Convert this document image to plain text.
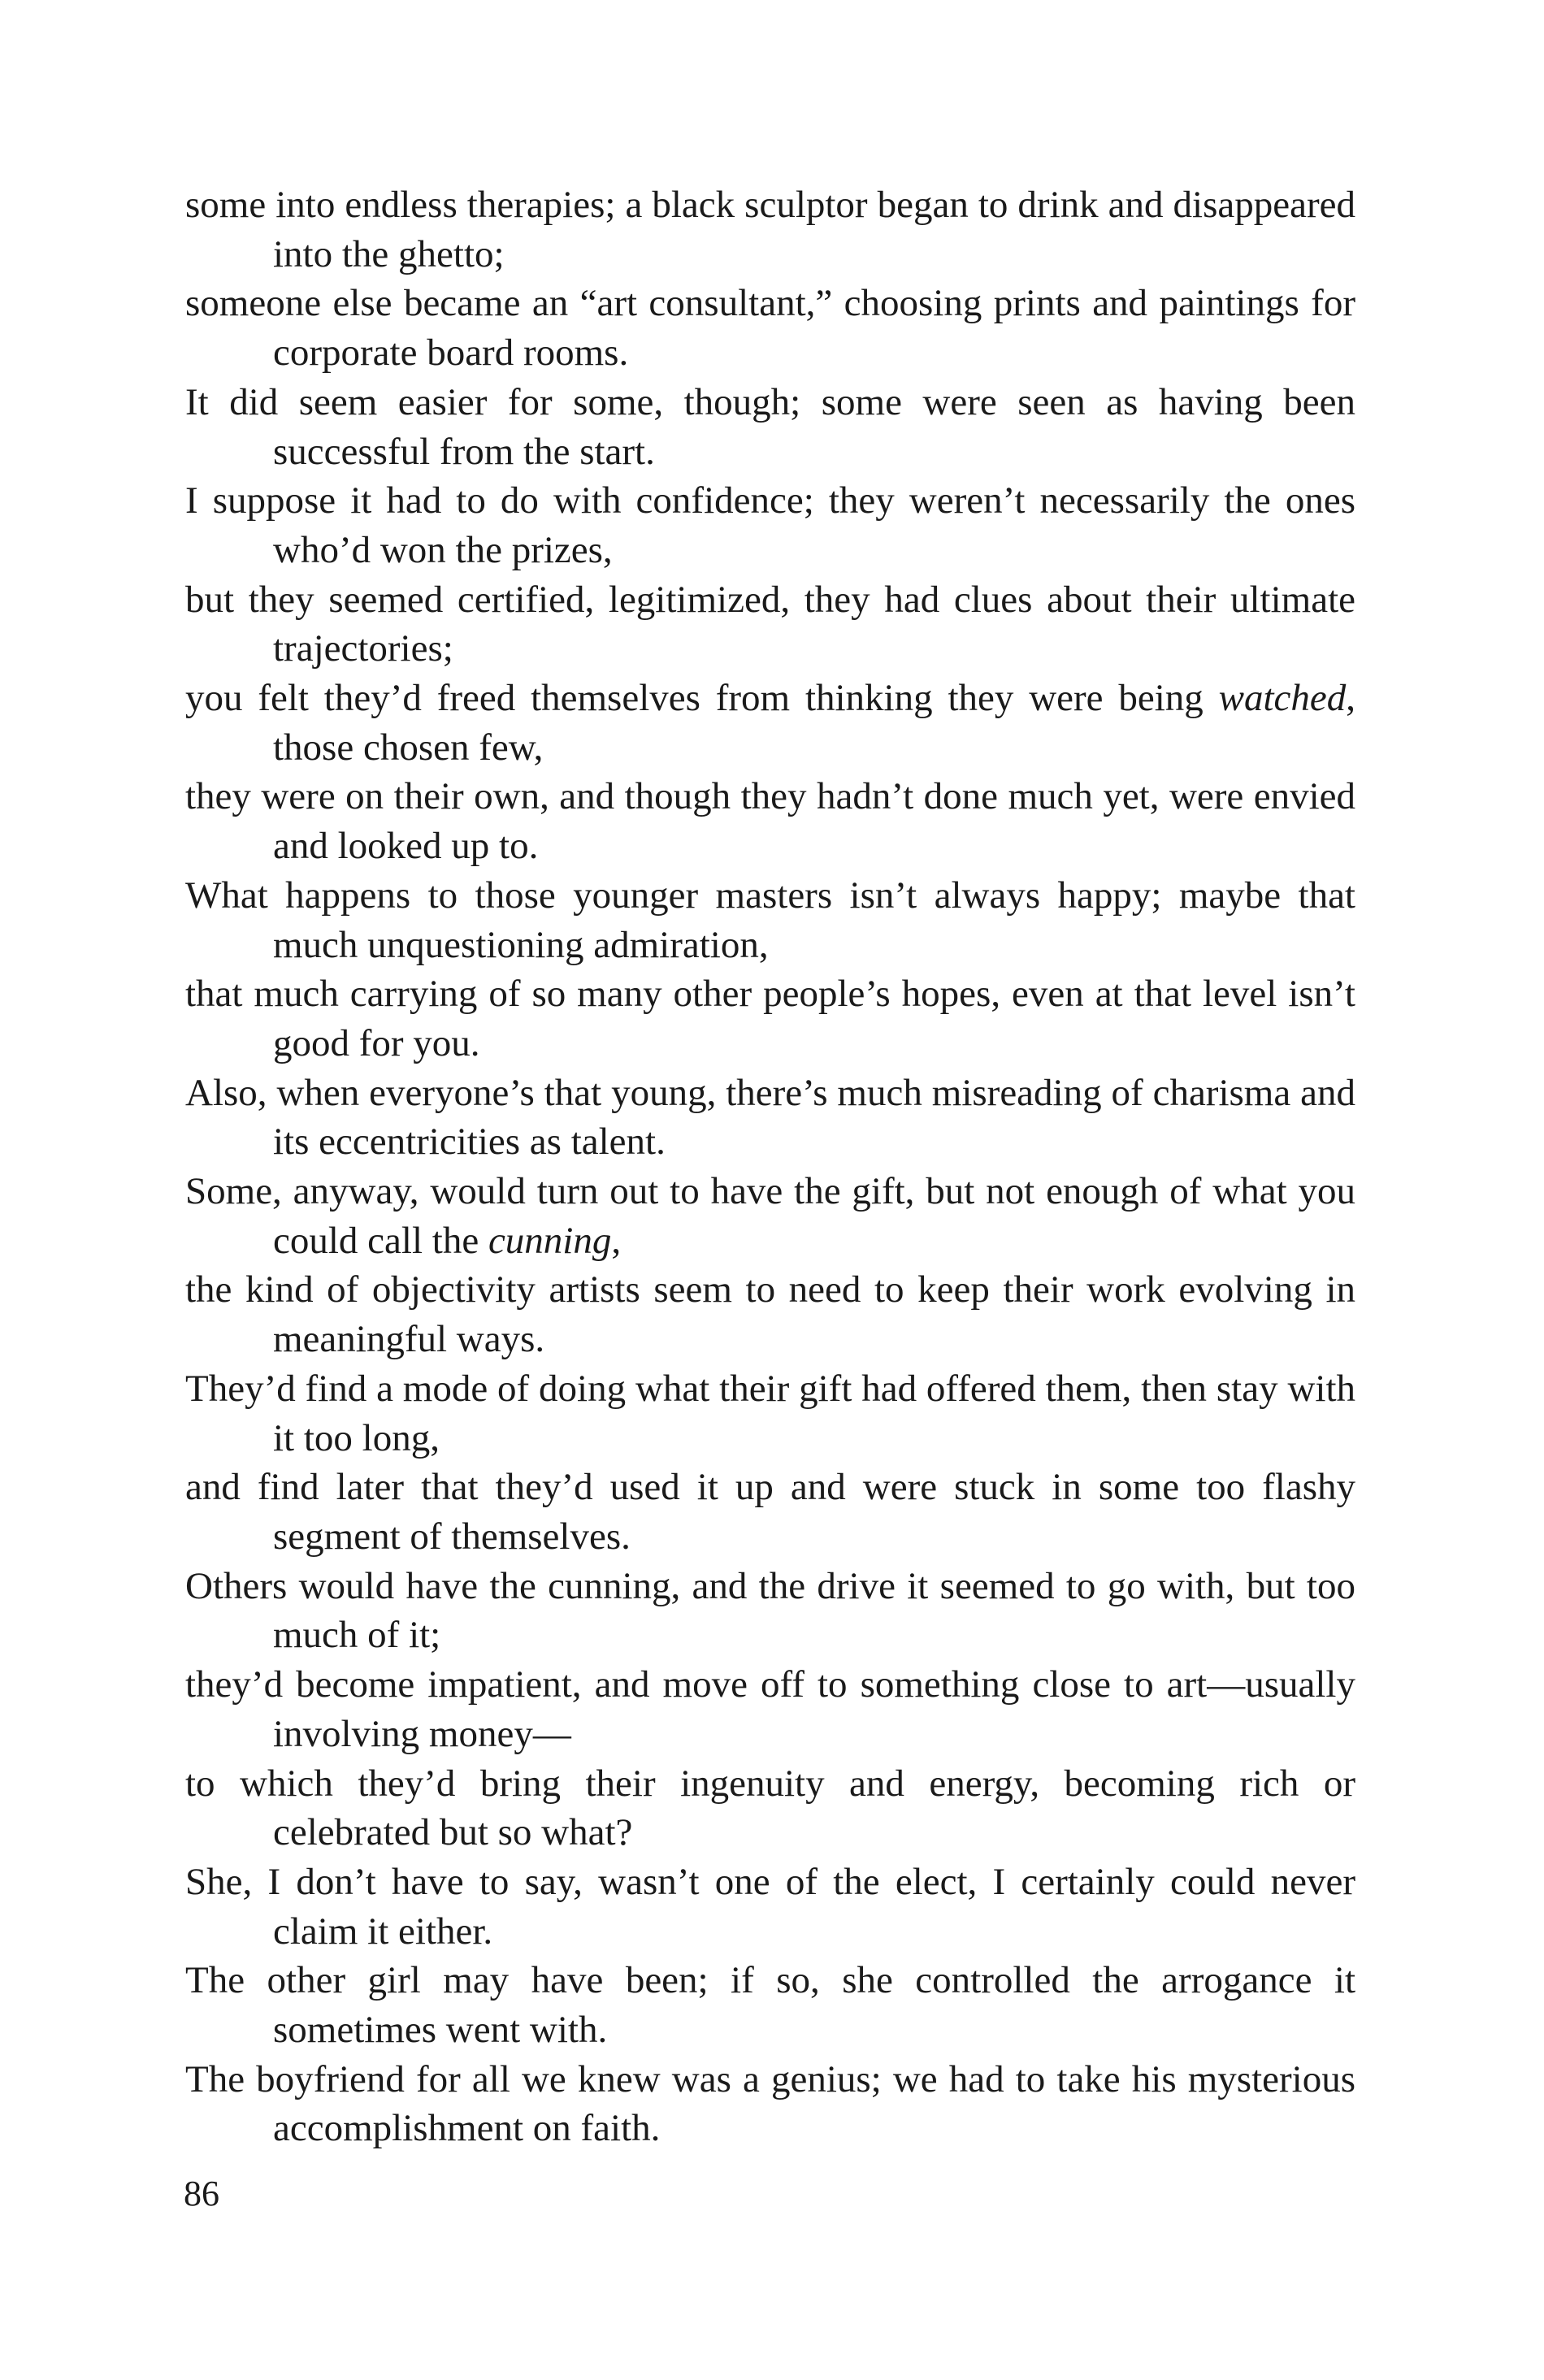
some into endless therapies; a black sculptor began to drink and disappeared into the ghetto;

someone else became an “art consultant,” choosing prints and paintings for corporate board rooms.

It did seem easier for some, though; some were seen as having been successful from the start.

I suppose it had to do with confidence; they weren’t necessarily the ones who’d won the prizes,

but they seemed certified, legitimized, they had clues about their ultimate trajectories;

you felt they’d freed themselves from thinking they were being watched, those chosen few,

they were on their own, and though they hadn’t done much yet, were envied and looked up to.

What happens to those younger masters isn’t always happy; maybe that much unquestioning admiration,

that much carrying of so many other people’s hopes, even at that level isn’t good for you.

Also, when everyone’s that young, there’s much misreading of charisma and its eccentricities as talent.

Some, anyway, would turn out to have the gift, but not enough of what you could call the cunning,

the kind of objectivity artists seem to need to keep their work evolving in meaningful ways.

They’d find a mode of doing what their gift had offered them, then stay with it too long,

and find later that they’d used it up and were stuck in some too flashy segment of themselves.

Others would have the cunning, and the drive it seemed to go with, but too much of it;

they’d become impatient, and move off to something close to art—usually involving money—

to which they’d bring their ingenuity and energy, becoming rich or celebrated but so what?

She, I don’t have to say, wasn’t one of the elect, I certainly could never claim it either.

The other girl may have been; if so, she controlled the arrogance it sometimes went with.

The boyfriend for all we knew was a genius; we had to take his mysterious accomplishment on faith.

86
